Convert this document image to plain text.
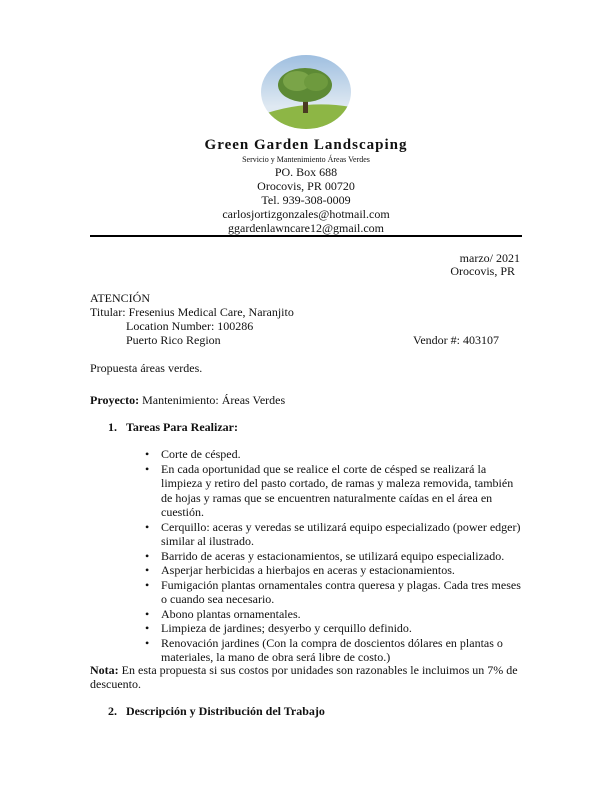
Green Garden Landscaping
Servicio y Mantenimiento Áreas Verdes
PO. Box 688
Orocovis, PR 00720
Tel. 939-308-0009
carlosjortizgonzales@hotmail.com
ggardenlawncare12@gmail.com
marzo/ 2021
Orocovis, PR
ATENCIÓN
Titular: Fresenius Medical Care, Naranjito
Location Number: 100286
Puerto Rico Region	Vendor #: 403107
Propuesta áreas verdes.
Proyecto: Mantenimiento: Áreas Verdes
1. Tareas Para Realizar:
• Corte de césped.
• En cada oportunidad que se realice el corte de césped se realizará la limpieza y retiro del pasto cortado, de ramas y maleza removida, también de hojas y ramas que se encuentren naturalmente caídas en el área en cuestión.
• Cerquillo: aceras y veredas se utilizará equipo especializado (power edger) similar al ilustrado.
• Barrido de aceras y estacionamientos, se utilizará equipo especializado.
• Asperjar herbicidas a hierbajos en aceras y estacionamientos.
• Fumigación plantas ornamentales contra queresa y plagas. Cada tres meses o cuando sea necesario.
• Abono plantas ornamentales.
• Limpieza de jardines; desyerbo y cerquillo definido.
• Renovación jardines (Con la compra de doscientos dólares en plantas o materiales, la mano de obra será libre de costo.)
Nota: En esta propuesta si sus costos por unidades son razonables le incluimos un 7% de
descuento.
2. Descripción y Distribución del Trabajo
